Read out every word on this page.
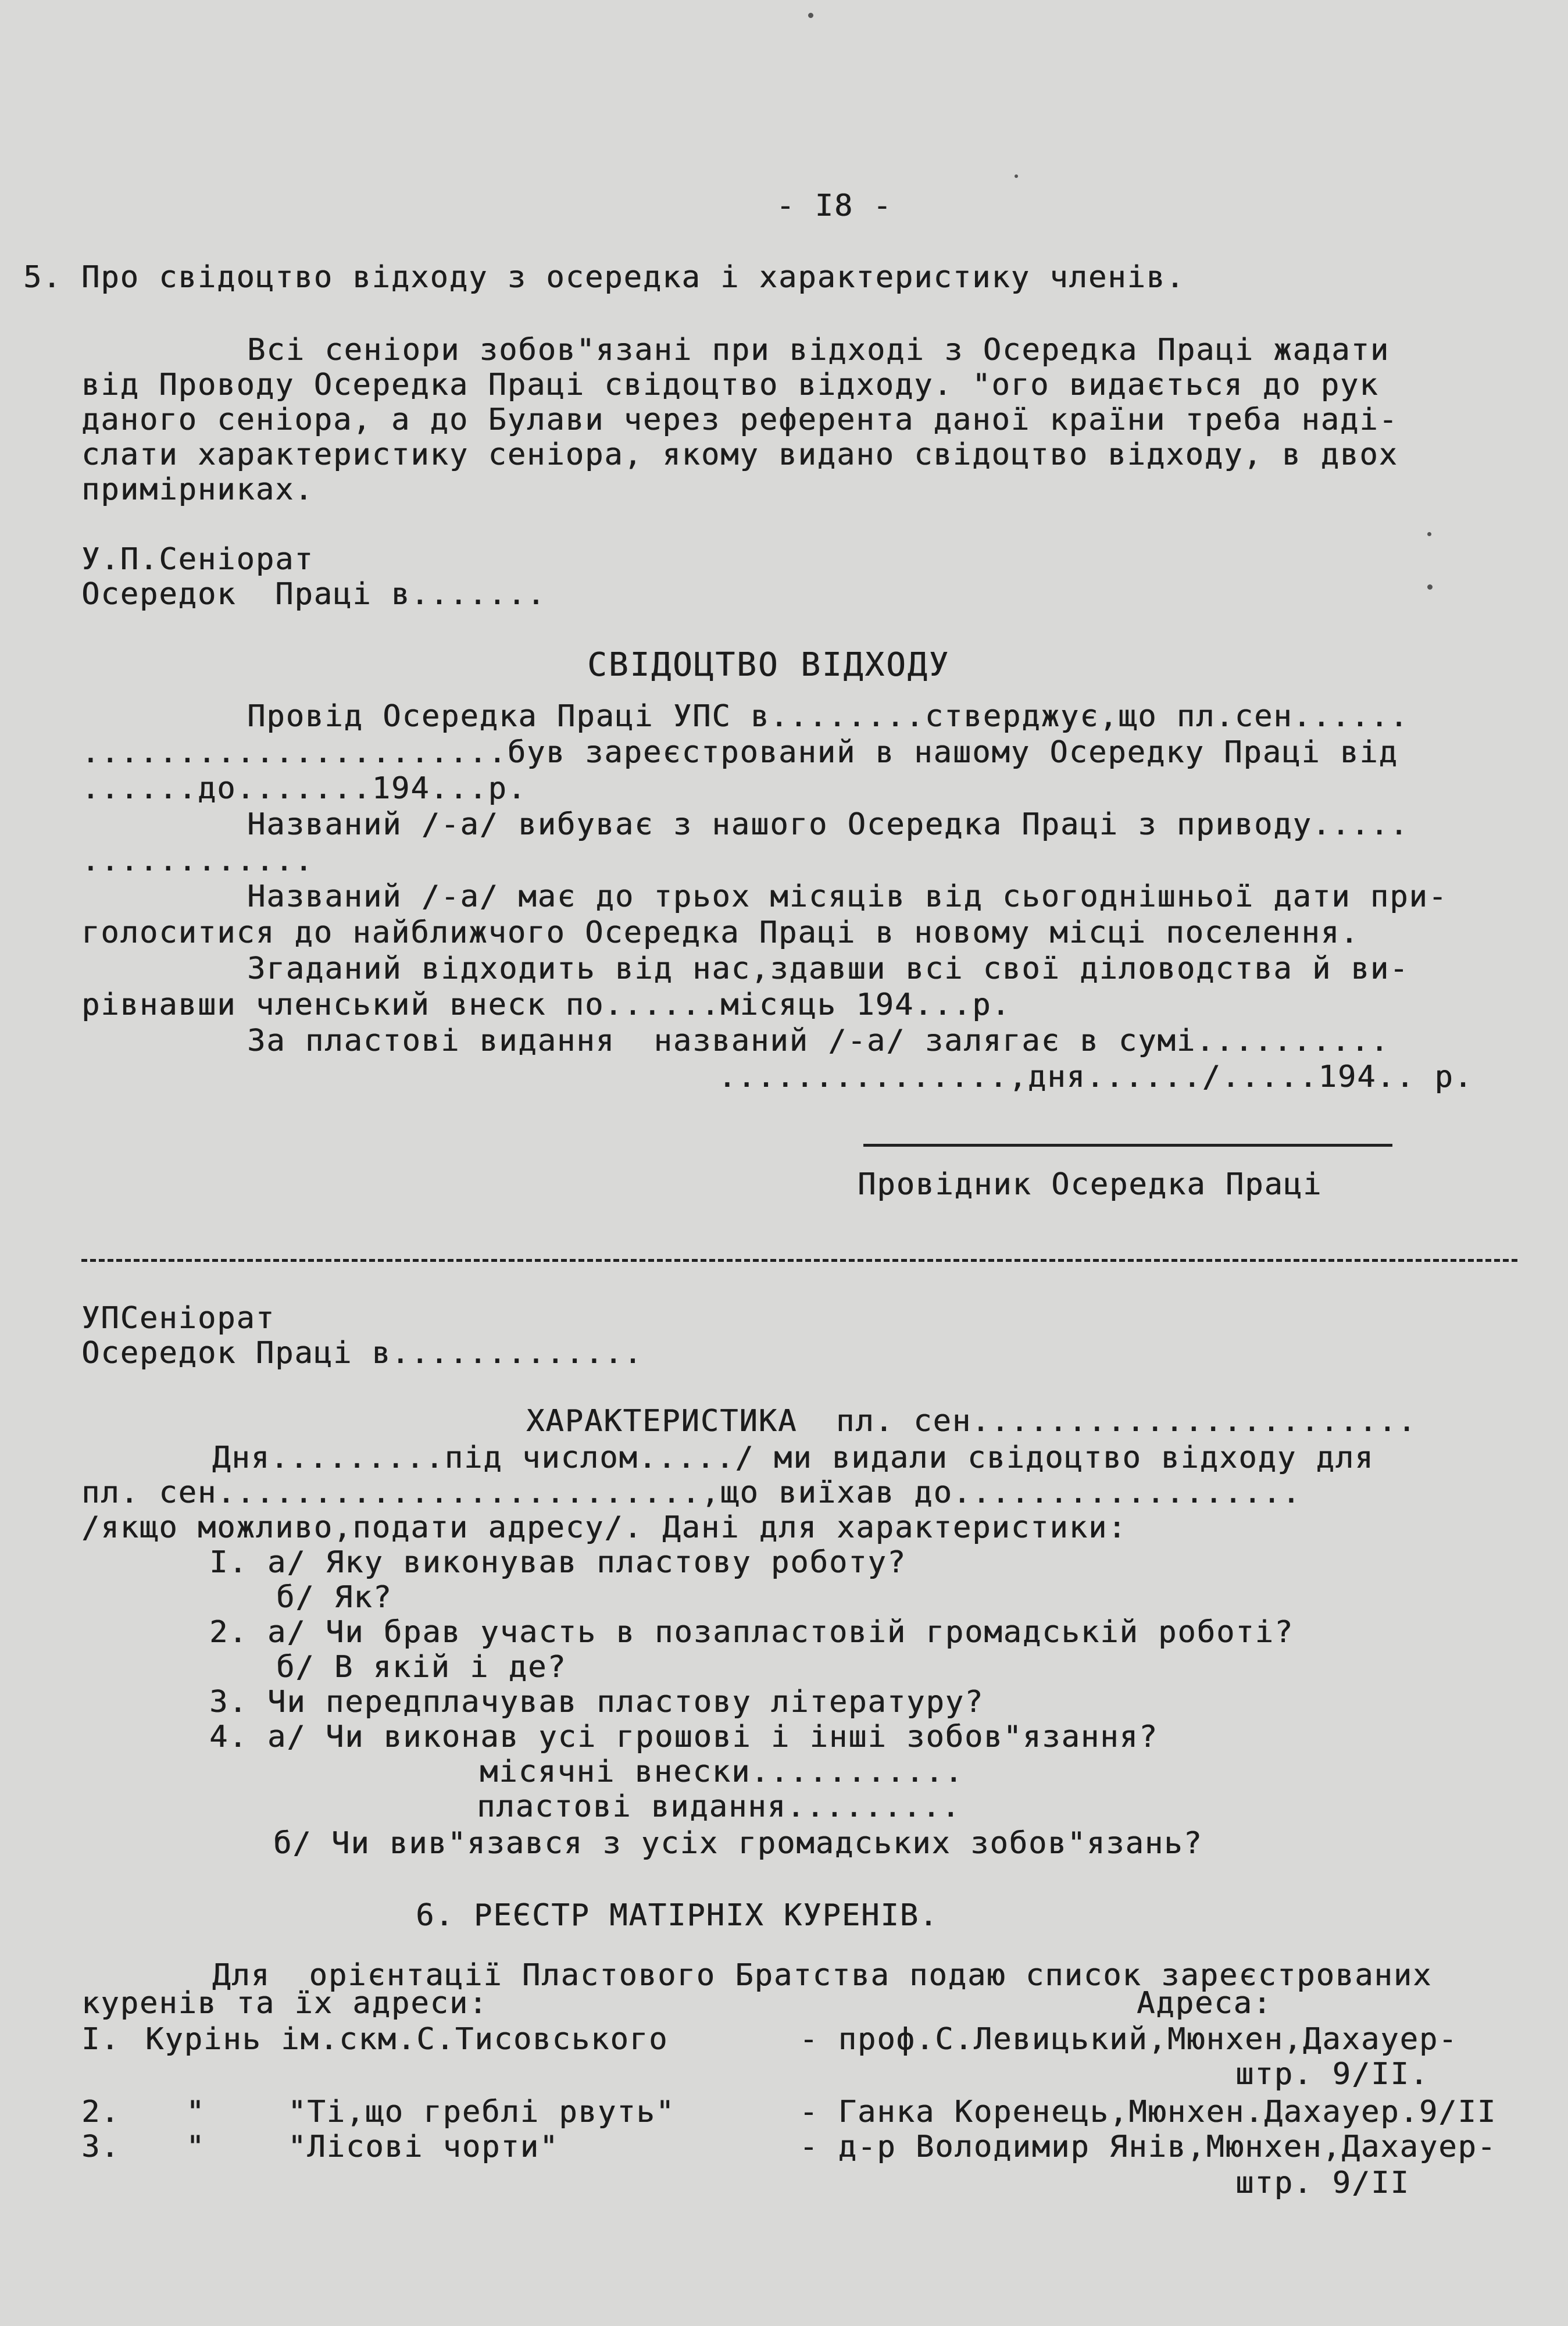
- I8 -
5. Про свідоцтво відходу з осередка і характеристику членів.
Всі сеніори зобов"язані при відході з Осередка Праці жадати
від Проводу Осередка Праці свідоцтво відходу. "ого видається до рук
даного сеніора, а до Булави через референта даної країни треба наді-
слати характеристику сеніора, якому видано свідоцтво відходу, в двох
примірниках.
У.П.Сеніорат
Осередок  Праці в.......
СВІДОЦТВО ВІДХОДУ
Провід Осередка Праці УПС в........стверджує,що пл.сен......
......................був зареєстрований в нашому Осередку Праці від
......до.......194...р.
Названий /-а/ вибуває з нашого Осередка Праці з приводу.....
............
Названий /-а/ має до трьох місяців від сьогоднішньої дати при-
голоситися до найближчого Осередка Праці в новому місці поселення.
Згаданий відходить від нас,здавши всі свої діловодства й ви-
рівнавши членський внеск по......місяць 194...р.
За пластові видання  названий /-а/ залягає в сумі..........
...............,дня....../.....194.. р.
Провідник Осередка Праці
УПСеніорат
Осередок Праці в.............
ХАРАКТЕРИСТИКА  пл. сен.......................
Дня.........під числом...../ ми видали свідоцтво відходу для
пл. сен.........................,що виїхав до..................
/якщо можливо,подати адресу/. Дані для характеристики:
I. а/ Яку виконував пластову роботу?
б/ Як?
2. а/ Чи брав участь в позапластовій громадській роботі?
б/ В якій і де?
3. Чи передплачував пластову літературу?
4. а/ Чи виконав усі грошові і інші зобов"язання?
місячні внески...........
пластові видання.........
б/ Чи вив"язався з усіх громадських зобов"язань?
6. РЕЄСТР МАТІРНІХ КУРЕНІВ.
Для  орієнтації Пластового Братства подаю список зареєстрованих
куренів та їх адреси:	Адреса:
I. Курінь ім.скм.С.Тисовського	- проф.С.Левицький,Мюнхен,Дахауер-
штр. 9/II.
2. "	"Ті,що греблі рвуть"	- Ганка Коренець,Мюнхен.Дахауер.9/II
3. "	"Лісові чорти"	- д-р Володимир Янів,Мюнхен,Дахауер-
штр. 9/II
